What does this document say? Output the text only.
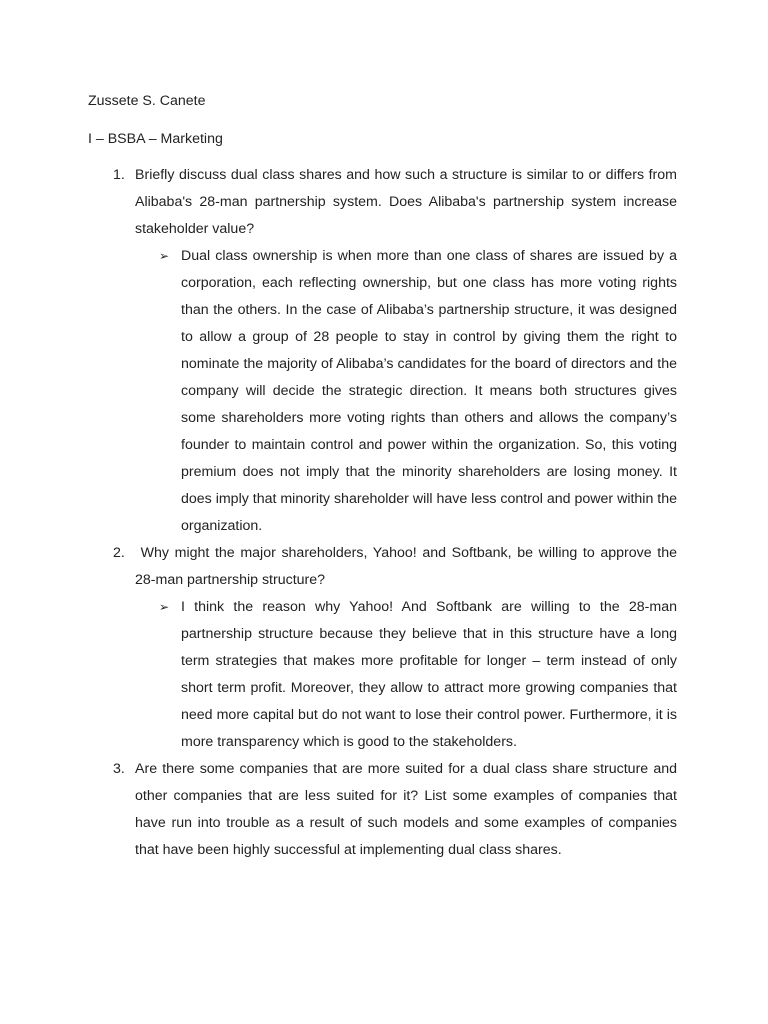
Zussete S. Canete

I – BSBA – Marketing

1. Briefly discuss dual class shares and how such a structure is similar to or differs from Alibaba's 28-man partnership system. Does Alibaba's partnership system increase stakeholder value?

➢ Dual class ownership is when more than one class of shares are issued by a corporation, each reflecting ownership, but one class has more voting rights than the others. In the case of Alibaba’s partnership structure, it was designed to allow a group of 28 people to stay in control by giving them the right to nominate the majority of Alibaba’s candidates for the board of directors and the company will decide the strategic direction. It means both structures gives some shareholders more voting rights than others and allows the company’s founder to maintain control and power within the organization. So, this voting premium does not imply that the minority shareholders are losing money. It does imply that minority shareholder will have less control and power within the organization.

2. Why might the major shareholders, Yahoo! and Softbank, be willing to approve the 28-man partnership structure?

➢ I think the reason why Yahoo! And Softbank are willing to the 28-man partnership structure because they believe that in this structure have a long term strategies that makes more profitable for longer – term instead of only short term profit. Moreover, they allow to attract more growing companies that need more capital but do not want to lose their control power. Furthermore, it is more transparency which is good to the stakeholders.

3. Are there some companies that are more suited for a dual class share structure and other companies that are less suited for it? List some examples of companies that have run into trouble as a result of such models and some examples of companies that have been highly successful at implementing dual class shares.
